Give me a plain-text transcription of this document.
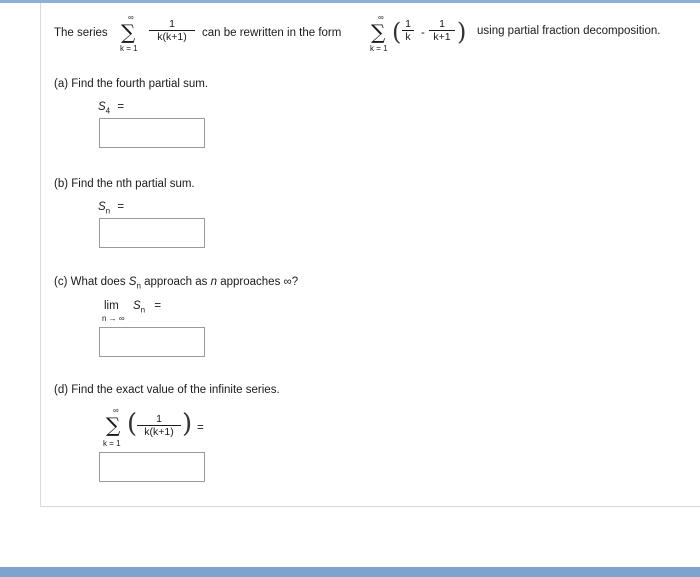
The series
∞
∑
k = 1
1
k(k+1) can be rewritten in the form
∞
∑
k = 1
( 1
k -
1
k+1 ) using partial fraction decomposition.
(a) Find the fourth partial sum.
$S_4$ =
(b) Find the nth partial sum.
$S_n$ =
(c) What does $S_n$ approach as n approaches ∞?
lim
n → ∞
$S_n$ =
(d) Find the exact value of the infinite series.
∞
∑
k = 1
( 1
k(k+1) ) =
